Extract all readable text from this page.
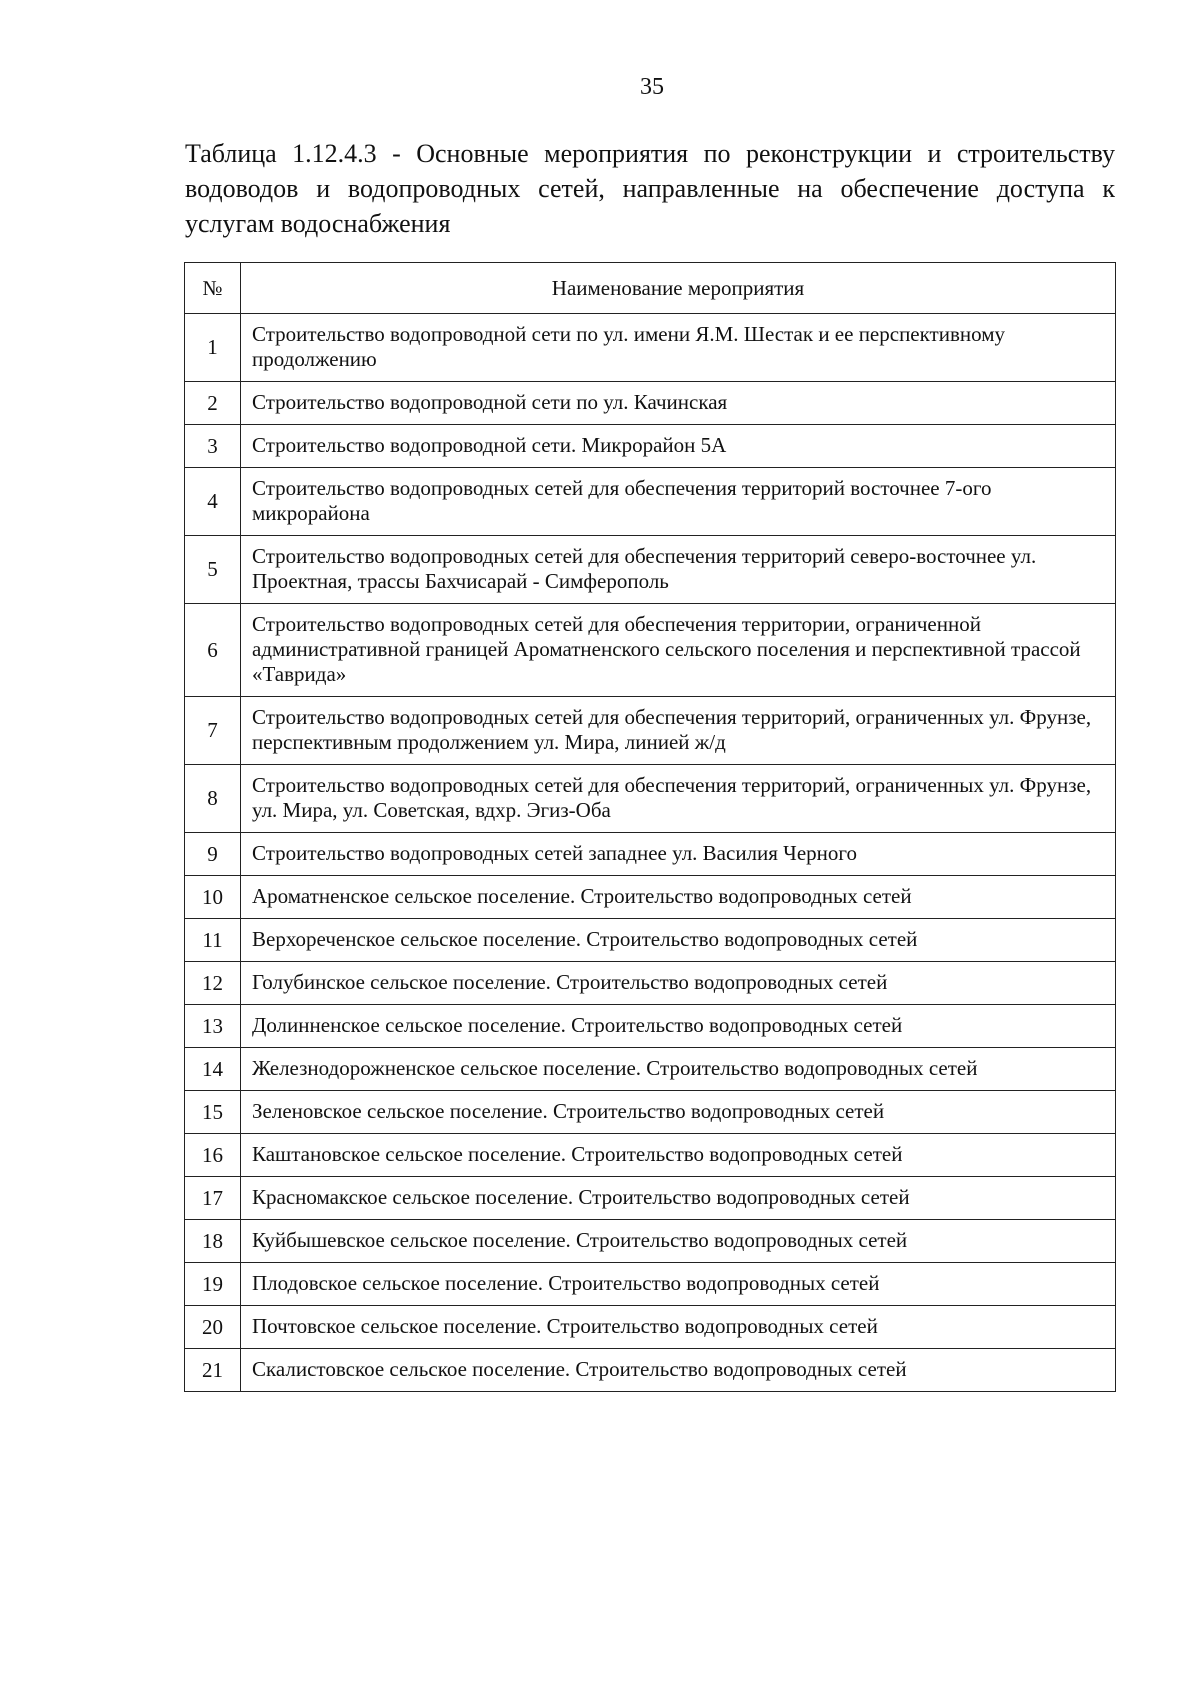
35
Таблица 1.12.4.3 - Основные мероприятия по реконструкции и строительству водоводов и водопроводных сетей, направленные на обеспечение доступа к услугам водоснабжения
№	Наименование мероприятия
1	Строительство водопроводной сети по ул. имени Я.М. Шестак и ее перспективному продолжению
2	Строительство водопроводной сети по ул. Качинская
3	Строительство водопроводной сети. Микрорайон 5А
4	Строительство водопроводных сетей для обеспечения территорий восточнее 7-ого микрорайона
5	Строительство водопроводных сетей для обеспечения территорий северо-восточнее ул. Проектная, трассы Бахчисарай - Симферополь
6	Строительство водопроводных сетей для обеспечения территории, ограниченной административной границей Ароматненского сельского поселения и перспективной трассой «Таврида»
7	Строительство водопроводных сетей для обеспечения территорий, ограниченных ул. Фрунзе, перспективным продолжением ул. Мира, линией ж/д
8	Строительство водопроводных сетей для обеспечения территорий, ограниченных ул. Фрунзе, ул. Мира, ул. Советская, вдхр. Эгиз-Оба
9	Строительство водопроводных сетей западнее ул. Василия Черного
10	Ароматненское сельское поселение. Строительство водопроводных сетей
11	Верхореченское сельское поселение. Строительство водопроводных сетей
12	Голубинское сельское поселение. Строительство водопроводных сетей
13	Долинненское сельское поселение. Строительство водопроводных сетей
14	Железнодорожненское сельское поселение. Строительство водопроводных сетей
15	Зеленовское сельское поселение. Строительство водопроводных сетей
16	Каштановское сельское поселение. Строительство водопроводных сетей
17	Красномакское сельское поселение. Строительство водопроводных сетей
18	Куйбышевское сельское поселение. Строительство водопроводных сетей
19	Плодовское сельское поселение. Строительство водопроводных сетей
20	Почтовское сельское поселение. Строительство водопроводных сетей
21	Скалистовское сельское поселение. Строительство водопроводных сетей
